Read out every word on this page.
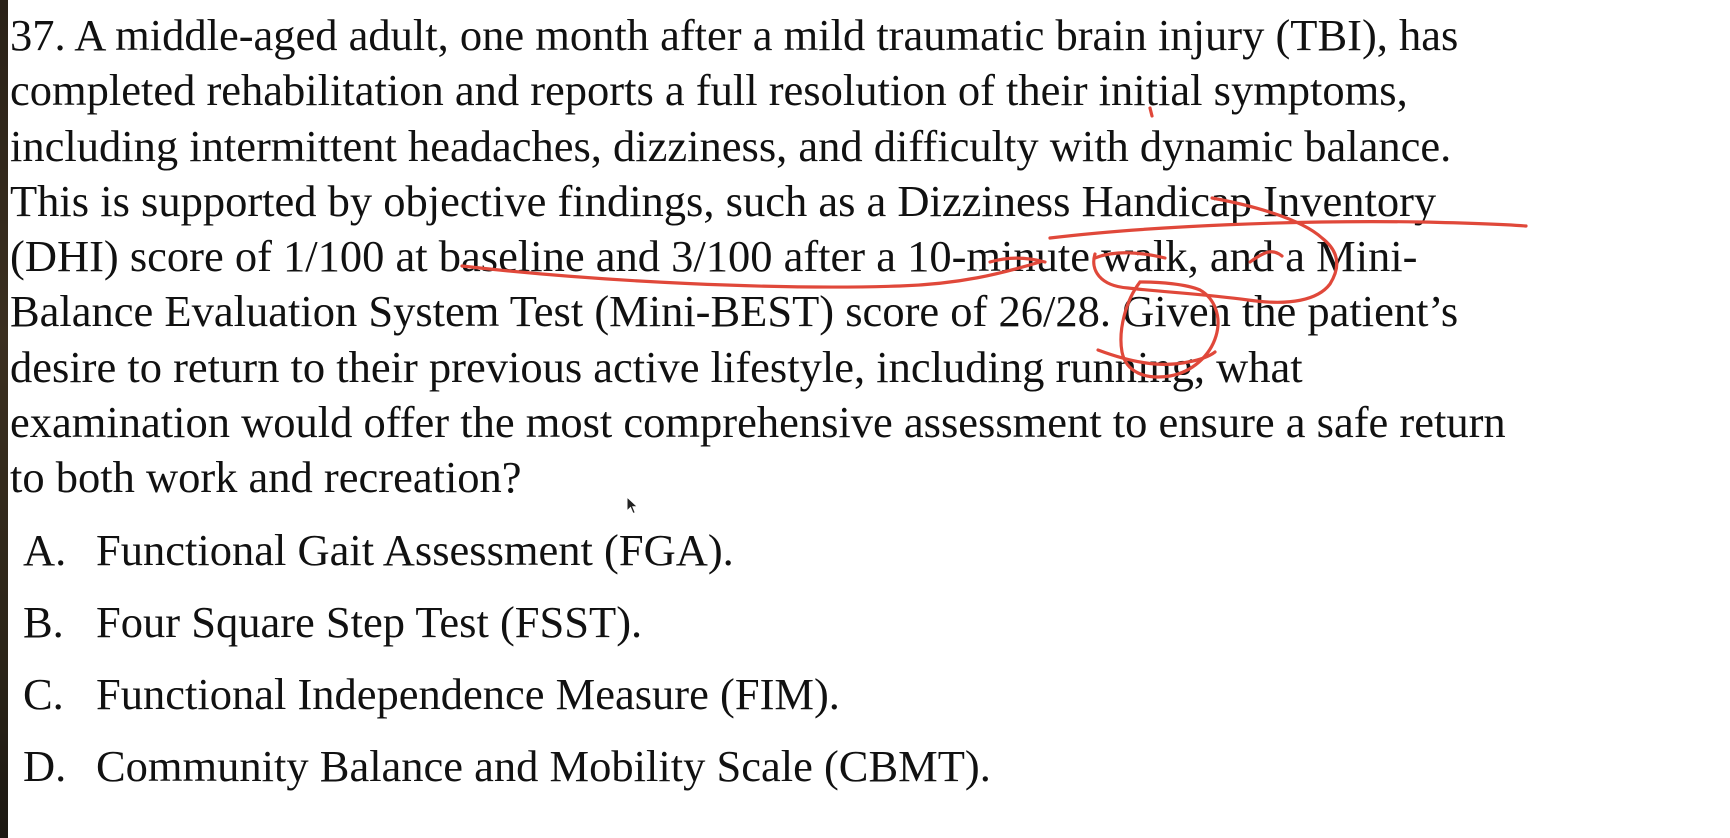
37. A middle-aged adult, one month after a mild traumatic brain injury (TBI), has
completed rehabilitation and reports a full resolution of their initial symptoms,
including intermittent headaches, dizziness, and difficulty with dynamic balance.
This is supported by objective findings, such as a Dizziness Handicap Inventory
(DHI) score of 1/100 at baseline and 3/100 after a 10-minute walk, and a Mini-
Balance Evaluation System Test (Mini-BEST) score of 26/28. Given the patient’s
desire to return to their previous active lifestyle, including running, what
examination would offer the most comprehensive assessment to ensure a safe return
to both work and recreation?

A. Functional Gait Assessment (FGA).
B. Four Square Step Test (FSST).
C. Functional Independence Measure (FIM).
D. Community Balance and Mobility Scale (CBMT).
